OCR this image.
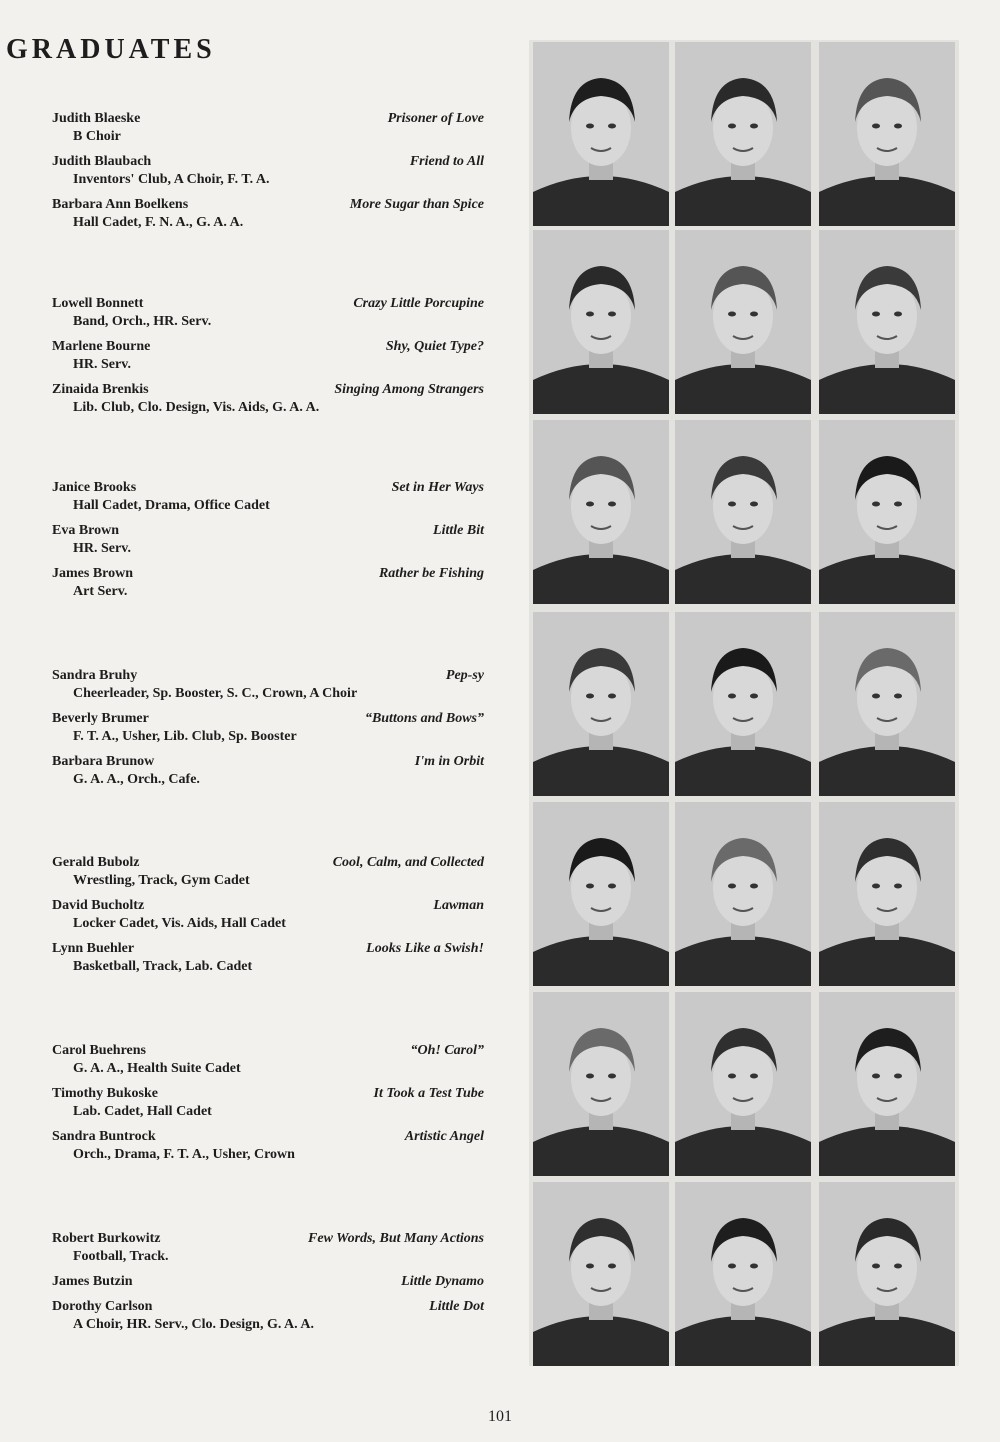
GRADUATES
Judith Blaeske	Prisoner of Love
B Choir
Judith Blaubach	Friend to All
Inventors' Club, A Choir, F. T. A.
Barbara Ann Boelkens	More Sugar than Spice
Hall Cadet, F. N. A., G. A. A.
Lowell Bonnett	Crazy Little Porcupine
Band, Orch., HR. Serv.
Marlene Bourne	Shy, Quiet Type?
HR. Serv.
Zinaida Brenkis	Singing Among Strangers
Lib. Club, Clo. Design, Vis. Aids, G. A. A.
Janice Brooks	Set in Her Ways
Hall Cadet, Drama, Office Cadet
Eva Brown	Little Bit
HR. Serv.
James Brown	Rather be Fishing
Art Serv.
Sandra Bruhy	Pep-sy
Cheerleader, Sp. Booster, S. C., Crown, A Choir
Beverly Brumer	“Buttons and Bows”
F. T. A., Usher, Lib. Club, Sp. Booster
Barbara Brunow	I'm in Orbit
G. A. A., Orch., Cafe.
Gerald Bubolz	Cool, Calm, and Collected
Wrestling, Track, Gym Cadet
David Bucholtz	Lawman
Locker Cadet, Vis. Aids, Hall Cadet
Lynn Buehler	Looks Like a Swish!
Basketball, Track, Lab. Cadet
Carol Buehrens	“Oh! Carol”
G. A. A., Health Suite Cadet
Timothy Bukoske	It Took a Test Tube
Lab. Cadet, Hall Cadet
Sandra Buntrock	Artistic Angel
Orch., Drama, F. T. A., Usher, Crown
Robert Burkowitz	Few Words, But Many Actions
Football, Track.
James Butzin	Little Dynamo
Dorothy Carlson	Little Dot
A Choir, HR. Serv., Clo. Design, G. A. A.
101
